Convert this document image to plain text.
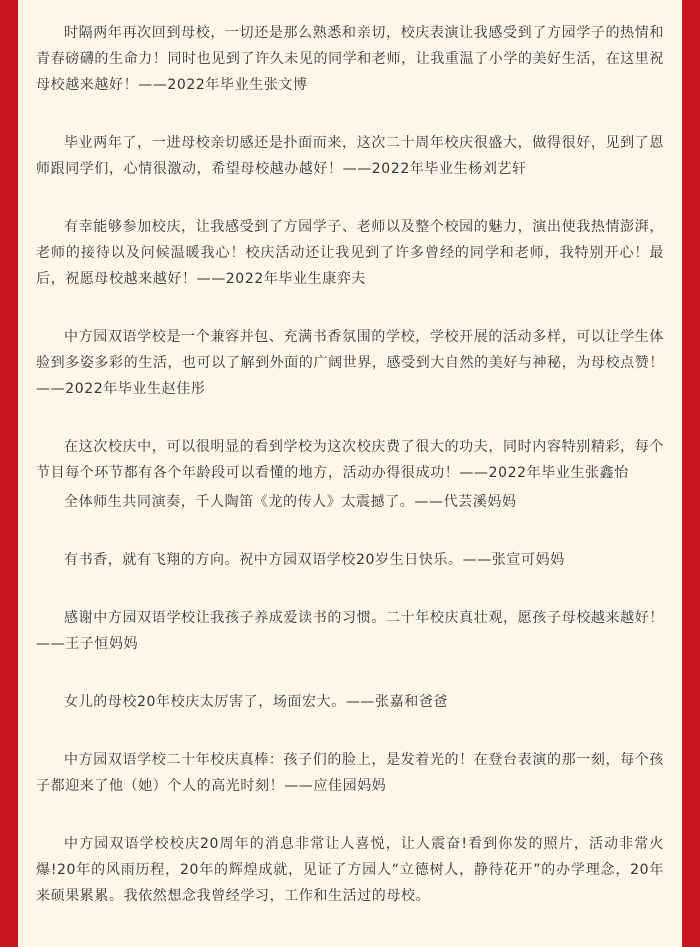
时隔两年再次回到母校，一切还是那么熟悉和亲切，校庆表演让我感受到了方园学子的热情和青春磅礴的生命力！同时也见到了许久未见的同学和老师，让我重温了小学的美好生活，在这里祝母校越来越好！——2022年毕业生张文博

毕业两年了，一进母校亲切感还是扑面而来，这次二十周年校庆很盛大，做得很好，见到了恩师跟同学们，心情很激动，希望母校越办越好！——2022年毕业生杨刘艺轩

有幸能够参加校庆，让我感受到了方园学子、老师以及整个校园的魅力，演出使我热情澎湃，老师的接待以及问候温暖我心！校庆活动还让我见到了许多曾经的同学和老师，我特别开心！最后，祝愿母校越来越好！——2022年毕业生康弈夫

中方园双语学校是一个兼容并包、充满书香氛围的学校，学校开展的活动多样，可以让学生体验到多姿多彩的生活，也可以了解到外面的广阔世界，感受到大自然的美好与神秘，为母校点赞！——2022年毕业生赵佳彤

在这次校庆中，可以很明显的看到学校为这次校庆费了很大的功夫，同时内容特别精彩，每个节目每个环节都有各个年龄段可以看懂的地方，活动办得很成功！——2022年毕业生张鑫怡

全体师生共同演奏，千人陶笛《龙的传人》太震撼了。——代芸溪妈妈

有书香，就有飞翔的方向。祝中方园双语学校20岁生日快乐。——张宣可妈妈

感谢中方园双语学校让我孩子养成爱读书的习惯。二十年校庆真壮观，愿孩子母校越来越好！——王子恒妈妈

女儿的母校20年校庆太厉害了，场面宏大。——张嘉和爸爸

中方园双语学校二十年校庆真棒：孩子们的脸上，是发着光的！在登台表演的那一刻，每个孩子都迎来了他（她）个人的高光时刻！——应佳园妈妈

中方园双语学校校庆20周年的消息非常让人喜悦，让人震奋!看到你发的照片，活动非常火爆!20年的风雨历程，20年的辉煌成就，见证了方园人“立德树人，静待花开”的办学理念，20年来硕果累累。我依然想念我曾经学习，工作和生活过的母校。
